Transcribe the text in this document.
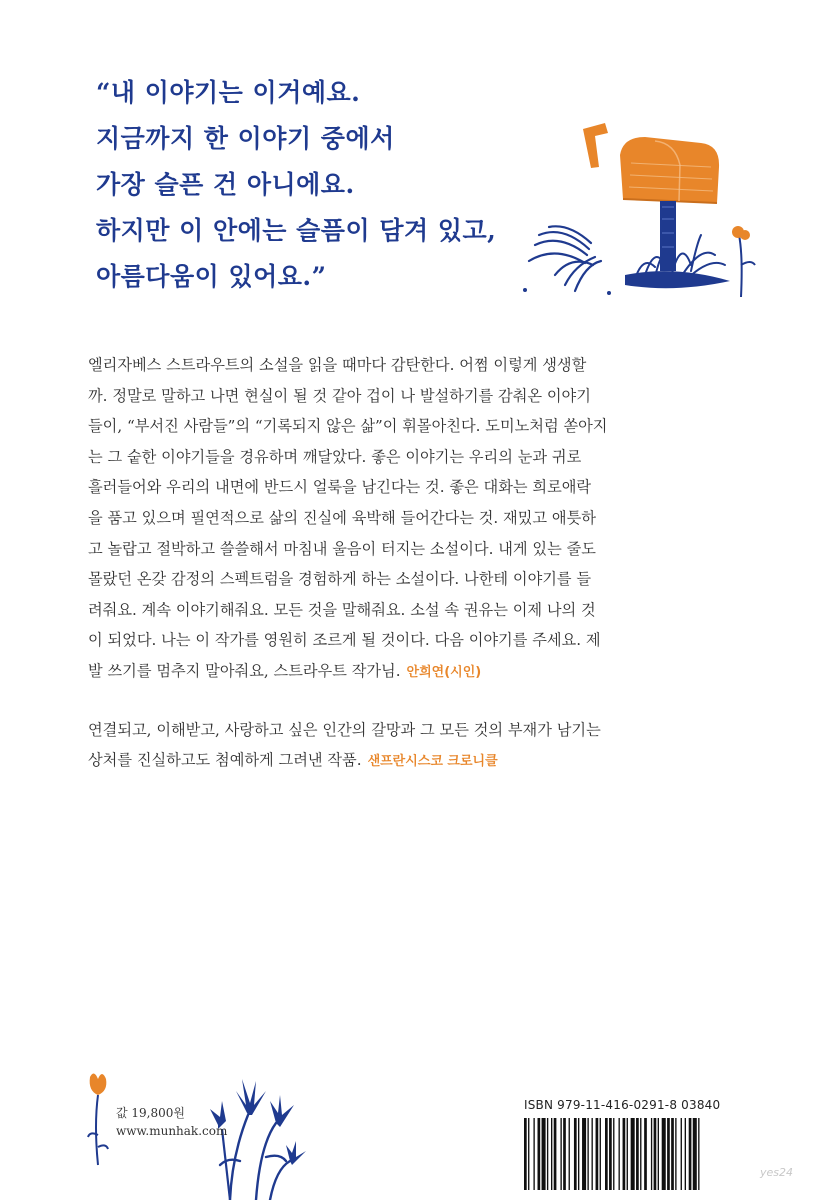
“내 이야기는 이거예요.
지금까지 한 이야기 중에서
가장 슬픈 건 아니에요.
하지만 이 안에는 슬픔이 담겨 있고,
아름다움이 있어요.”

엘리자베스 스트라우트의 소설을 읽을 때마다 감탄한다. 어쩜 이렇게 생생할
까. 정말로 말하고 나면 현실이 될 것 같아 겁이 나 발설하기를 감춰온 이야기
들이, “부서진 사람들”의 “기록되지 않은 삶”이 휘몰아친다. 도미노처럼 쏟아지
는 그 숱한 이야기들을 경유하며 깨달았다. 좋은 이야기는 우리의 눈과 귀로
흘러들어와 우리의 내면에 반드시 얼룩을 남긴다는 것. 좋은 대화는 희로애락
을 품고 있으며 필연적으로 삶의 진실에 육박해 들어간다는 것. 재밌고 애틋하
고 놀랍고 절박하고 쓸쓸해서 마침내 울음이 터지는 소설이다. 내게 있는 줄도
몰랐던 온갖 감정의 스펙트럼을 경험하게 하는 소설이다. 나한테 이야기를 들
려줘요. 계속 이야기해줘요. 모든 것을 말해줘요. 소설 속 권유는 이제 나의 것
이 되었다. 나는 이 작가를 영원히 조르게 될 것이다. 다음 이야기를 주세요. 제
발 쓰기를 멈추지 말아줘요, 스트라우트 작가님. 안희연(시인)

연결되고, 이해받고, 사랑하고 싶은 인간의 갈망과 그 모든 것의 부재가 남기는
상처를 진실하고도 첨예하게 그려낸 작품. 샌프란시스코 크로니클

값 19,800원
www.munhak.com
ISBN 979-11-416-0291-8 03840
yes24
